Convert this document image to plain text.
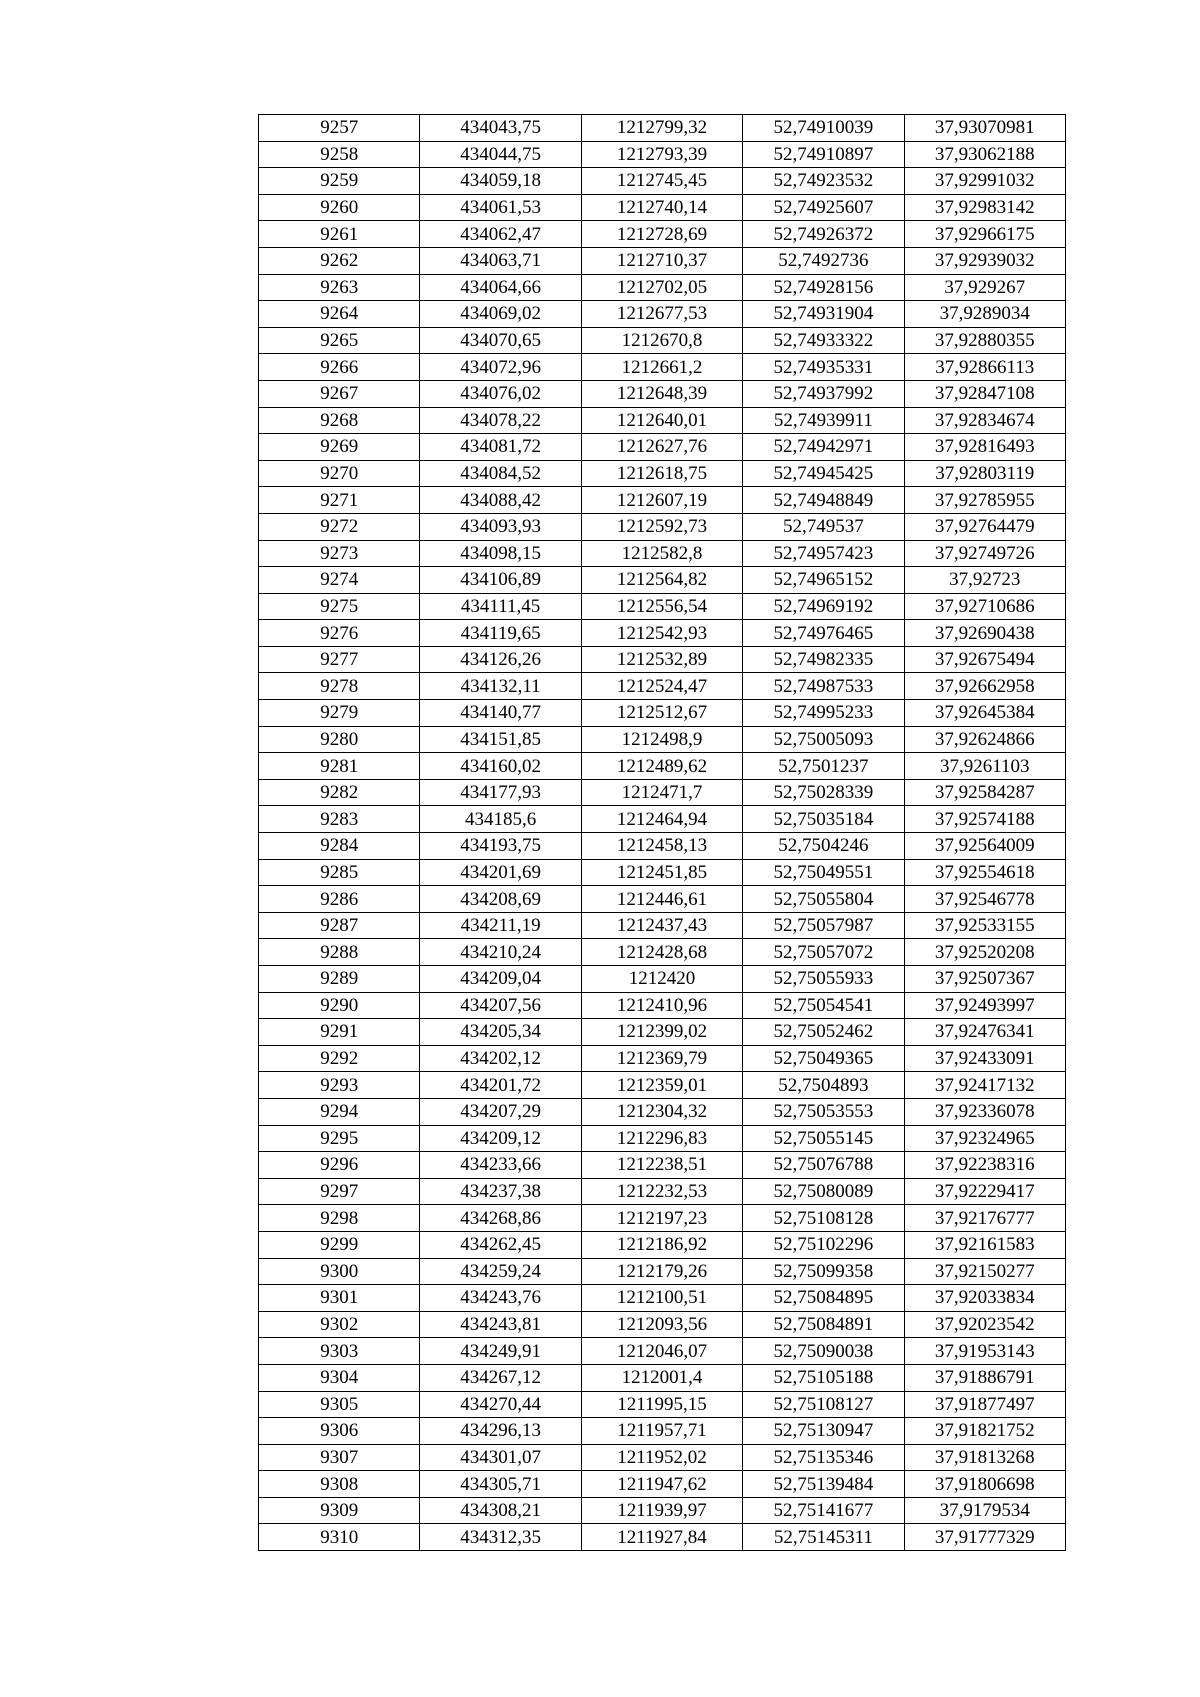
9257	434043,75	1212799,32	52,74910039	37,93070981
9258	434044,75	1212793,39	52,74910897	37,93062188
9259	434059,18	1212745,45	52,74923532	37,92991032
9260	434061,53	1212740,14	52,74925607	37,92983142
9261	434062,47	1212728,69	52,74926372	37,92966175
9262	434063,71	1212710,37	52,7492736	37,92939032
9263	434064,66	1212702,05	52,74928156	37,929267
9264	434069,02	1212677,53	52,74931904	37,9289034
9265	434070,65	1212670,8	52,74933322	37,92880355
9266	434072,96	1212661,2	52,74935331	37,92866113
9267	434076,02	1212648,39	52,74937992	37,92847108
9268	434078,22	1212640,01	52,74939911	37,92834674
9269	434081,72	1212627,76	52,74942971	37,92816493
9270	434084,52	1212618,75	52,74945425	37,92803119
9271	434088,42	1212607,19	52,74948849	37,92785955
9272	434093,93	1212592,73	52,749537	37,92764479
9273	434098,15	1212582,8	52,74957423	37,92749726
9274	434106,89	1212564,82	52,74965152	37,92723
9275	434111,45	1212556,54	52,74969192	37,92710686
9276	434119,65	1212542,93	52,74976465	37,92690438
9277	434126,26	1212532,89	52,74982335	37,92675494
9278	434132,11	1212524,47	52,74987533	37,92662958
9279	434140,77	1212512,67	52,74995233	37,92645384
9280	434151,85	1212498,9	52,75005093	37,92624866
9281	434160,02	1212489,62	52,7501237	37,9261103
9282	434177,93	1212471,7	52,75028339	37,92584287
9283	434185,6	1212464,94	52,75035184	37,92574188
9284	434193,75	1212458,13	52,7504246	37,92564009
9285	434201,69	1212451,85	52,75049551	37,92554618
9286	434208,69	1212446,61	52,75055804	37,92546778
9287	434211,19	1212437,43	52,75057987	37,92533155
9288	434210,24	1212428,68	52,75057072	37,92520208
9289	434209,04	1212420	52,75055933	37,92507367
9290	434207,56	1212410,96	52,75054541	37,92493997
9291	434205,34	1212399,02	52,75052462	37,92476341
9292	434202,12	1212369,79	52,75049365	37,92433091
9293	434201,72	1212359,01	52,7504893	37,92417132
9294	434207,29	1212304,32	52,75053553	37,92336078
9295	434209,12	1212296,83	52,75055145	37,92324965
9296	434233,66	1212238,51	52,75076788	37,92238316
9297	434237,38	1212232,53	52,75080089	37,92229417
9298	434268,86	1212197,23	52,75108128	37,92176777
9299	434262,45	1212186,92	52,75102296	37,92161583
9300	434259,24	1212179,26	52,75099358	37,92150277
9301	434243,76	1212100,51	52,75084895	37,92033834
9302	434243,81	1212093,56	52,75084891	37,92023542
9303	434249,91	1212046,07	52,75090038	37,91953143
9304	434267,12	1212001,4	52,75105188	37,91886791
9305	434270,44	1211995,15	52,75108127	37,91877497
9306	434296,13	1211957,71	52,75130947	37,91821752
9307	434301,07	1211952,02	52,75135346	37,91813268
9308	434305,71	1211947,62	52,75139484	37,91806698
9309	434308,21	1211939,97	52,75141677	37,9179534
9310	434312,35	1211927,84	52,75145311	37,91777329
